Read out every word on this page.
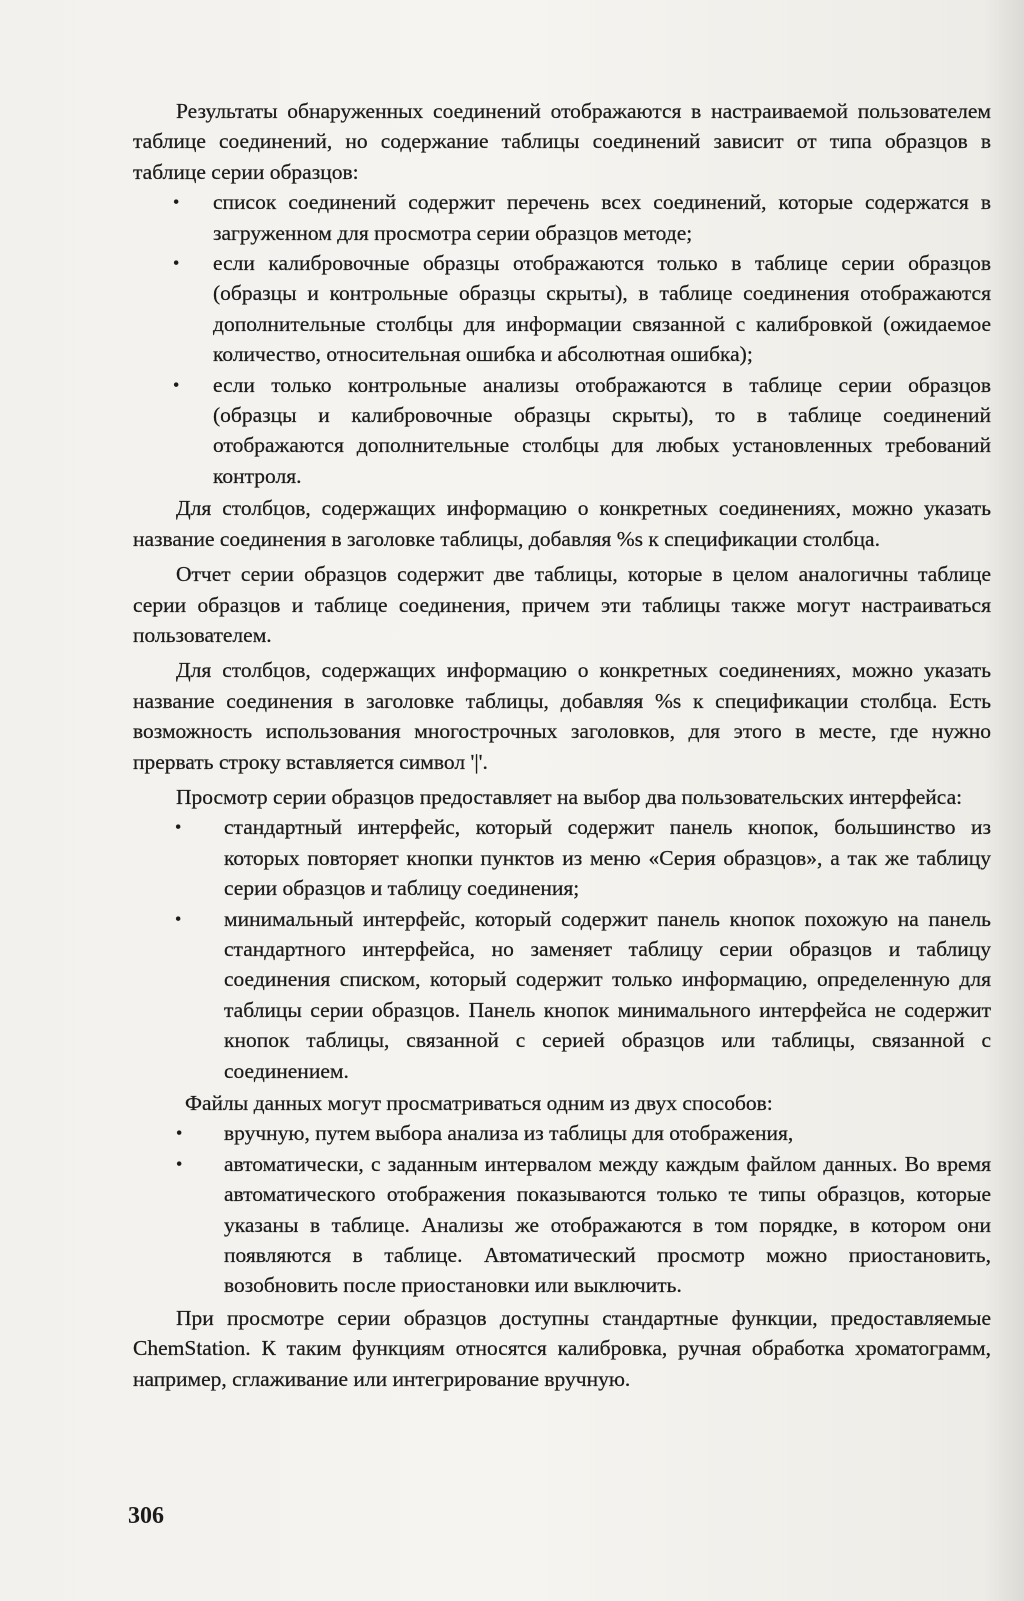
Результаты обнаруженных соединений отображаются в настраиваемой пользователем таблице соединений, но содержание таблицы соединений зависит от типа образцов в таблице серии образцов:

• список соединений содержит перечень всех соединений, которые содержатся в загруженном для просмотра серии образцов методе;
• если калибровочные образцы отображаются только в таблице серии образцов (образцы и контрольные образцы скрыты), в таблице соединения отображаются дополнительные столбцы для информации связанной с калибровкой (ожидаемое количество, относительная ошибка и абсолютная ошибка);
• если только контрольные анализы отображаются в таблице серии образцов (образцы и калибровочные образцы скрыты), то в таблице соединений отображаются дополнительные столбцы для любых установленных требований контроля.

Для столбцов, содержащих информацию о конкретных соединениях, можно указать название соединения в заголовке таблицы, добавляя %s к спецификации столбца.

Отчет серии образцов содержит две таблицы, которые в целом аналогичны таблице серии образцов и таблице соединения, причем эти таблицы также могут настраиваться пользователем.

Для столбцов, содержащих информацию о конкретных соединениях, можно указать название соединения в заголовке таблицы, добавляя %s к спецификации столбца. Есть возможность использования многострочных заголовков, для этого в месте, где нужно прервать строку вставляется символ '|'.

Просмотр серии образцов предоставляет на выбор два пользовательских интерфейса:

• стандартный интерфейс, который содержит панель кнопок, большинство из которых повторяет кнопки пунктов из меню «Серия образцов», а так же таблицу серии образцов и таблицу соединения;
• минимальный интерфейс, который содержит панель кнопок похожую на панель стандартного интерфейса, но заменяет таблицу серии образцов и таблицу соединения списком, который содержит только информацию, определенную для таблицы серии образцов. Панель кнопок минимального интерфейса не содержит кнопок таблицы, связанной с серией образцов или таблицы, связанной с соединением.

Файлы данных могут просматриваться одним из двух способов:

• вручную, путем выбора анализа из таблицы для отображения,
• автоматически, с заданным интервалом между каждым файлом данных. Во время автоматического отображения показываются только те типы образцов, которые указаны в таблице. Анализы же отображаются в том порядке, в котором они появляются в таблице. Автоматический просмотр можно приостановить, возобновить после приостановки или выключить.

При просмотре серии образцов доступны стандартные функции, предоставляемые ChemStation. К таким функциям относятся калибровка, ручная обработка хроматограмм, например, сглаживание или интегрирование вручную.

306
